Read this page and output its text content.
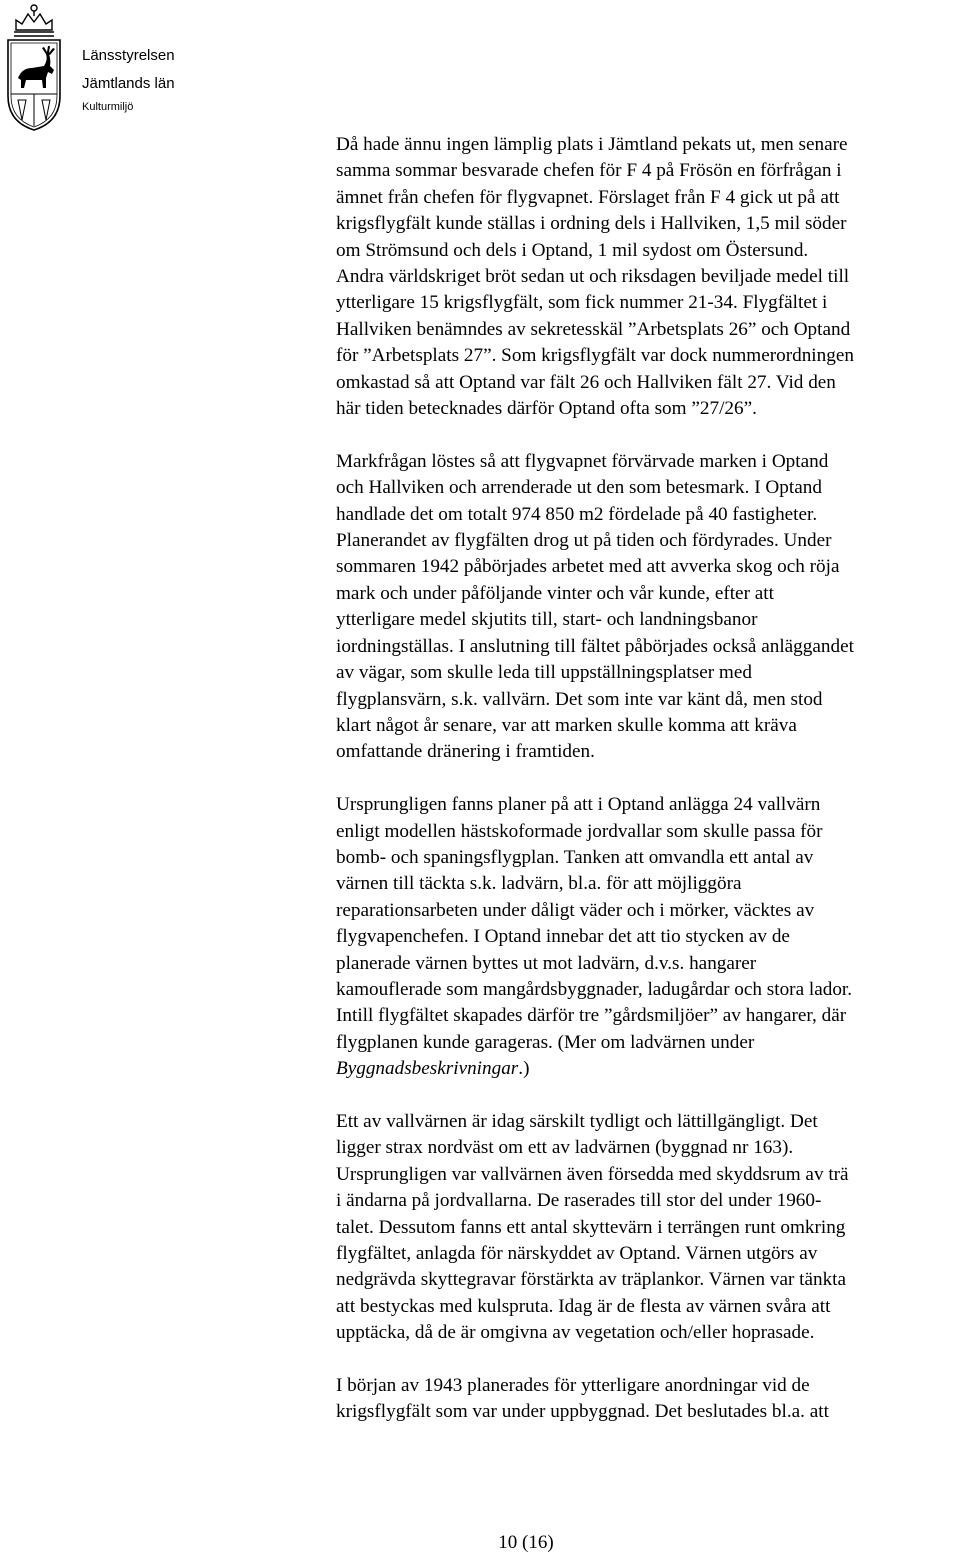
Länsstyrelsen
Jämtlands län
Kulturmiljö
Då hade ännu ingen lämplig plats i Jämtland pekats ut, men senare
samma sommar besvarade chefen för F 4 på Frösön en förfrågan i
ämnet från chefen för flygvapnet. Förslaget från F 4 gick ut på att
krigsflygfält kunde ställas i ordning dels i Hallviken, 1,5 mil söder
om Strömsund och dels i Optand, 1 mil sydost om Östersund.
Andra världskriget bröt sedan ut och riksdagen beviljade medel till
ytterligare 15 krigsflygfält, som fick nummer 21-34. Flygfältet i
Hallviken benämndes av sekretesskäl ”Arbetsplats 26” och Optand
för ”Arbetsplats 27”. Som krigsflygfält var dock nummerordningen
omkastad så att Optand var fält 26 och Hallviken fält 27. Vid den
här tiden betecknades därför Optand ofta som ”27/26”.
Markfrågan löstes så att flygvapnet förvärvade marken i Optand
och Hallviken och arrenderade ut den som betesmark. I Optand
handlade det om totalt 974 850 m2 fördelade på 40 fastigheter.
Planerandet av flygfälten drog ut på tiden och fördyrades. Under
sommaren 1942 påbörjades arbetet med att avverka skog och röja
mark och under påföljande vinter och vår kunde, efter att
ytterligare medel skjutits till, start- och landningsbanor
iordningställas. I anslutning till fältet påbörjades också anläggandet
av vägar, som skulle leda till uppställningsplatser med
flygplansvärn, s.k. vallvärn. Det som inte var känt då, men stod
klart något år senare, var att marken skulle komma att kräva
omfattande dränering i framtiden.
Ursprungligen fanns planer på att i Optand anlägga 24 vallvärn
enligt modellen hästskoformade jordvallar som skulle passa för
bomb- och spaningsflygplan. Tanken att omvandla ett antal av
värnen till täckta s.k. ladvärn, bl.a. för att möjliggöra
reparationsarbeten under dåligt väder och i mörker, väcktes av
flygvapenchefen. I Optand innebar det att tio stycken av de
planerade värnen byttes ut mot ladvärn, d.v.s. hangarer
kamouflerade som mangårdsbyggnader, ladugårdar och stora lador.
Intill flygfältet skapades därför tre ”gårdsmiljöer” av hangarer, där
flygplanen kunde garageras. (Mer om ladvärnen under
Byggnadsbeskrivningar.)
Ett av vallvärnen är idag särskilt tydligt och lättillgängligt. Det
ligger strax nordväst om ett av ladvärnen (byggnad nr 163).
Ursprungligen var vallvärnen även försedda med skyddsrum av trä
i ändarna på jordvallarna. De raserades till stor del under 1960-
talet. Dessutom fanns ett antal skyttevärn i terrängen runt omkring
flygfältet, anlagda för närskyddet av Optand. Värnen utgörs av
nedgrävda skyttegravar förstärkta av träplankor. Värnen var tänkta
att bestyckas med kulspruta. Idag är de flesta av värnen svåra att
upptäcka, då de är omgivna av vegetation och/eller hoprasade.
I början av 1943 planerades för ytterligare anordningar vid de
krigsflygfält som var under uppbyggnad. Det beslutades bl.a. att
10 (16)
